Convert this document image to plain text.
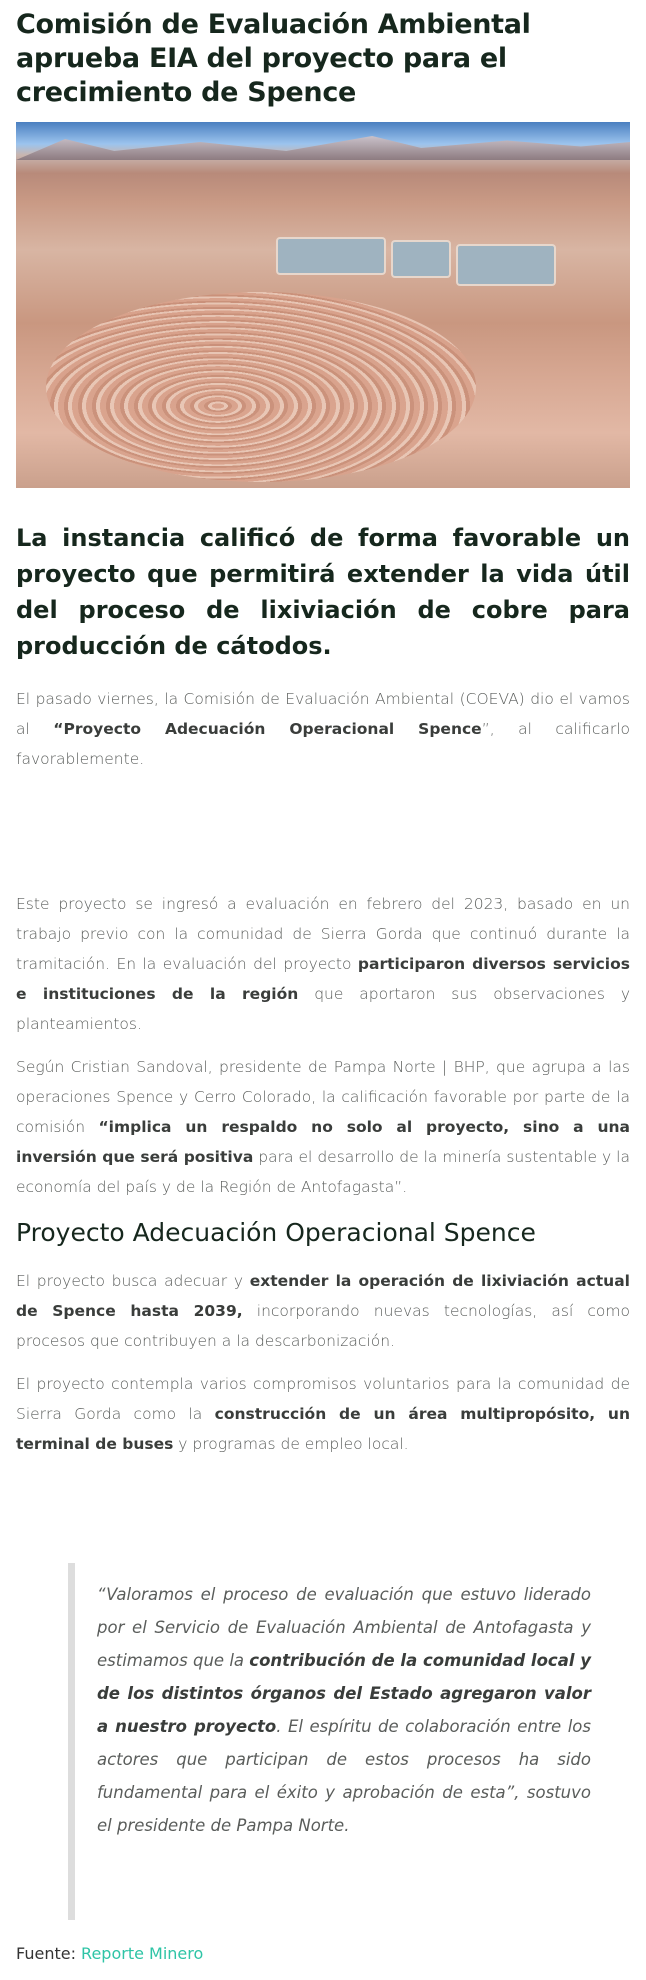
Comisión de Evaluación Ambiental aprueba EIA del proyecto para el crecimiento de Spence
La instancia calificó de forma favorable un proyecto que permitirá extender la vida útil del proceso de lixiviación de cobre para producción de cátodos.

El pasado viernes, la Comisión de Evaluación Ambiental (COEVA) dio el vamos al “Proyecto Adecuación Operacional Spence”, al calificarlo favorablemente.

Este proyecto se ingresó a evaluación en febrero del 2023, basado en un trabajo previo con la comunidad de Sierra Gorda que continuó durante la tramitación. En la evaluación del proyecto participaron diversos servicios e instituciones de la región que aportaron sus observaciones y planteamientos.

Según Cristian Sandoval, presidente de Pampa Norte | BHP, que agrupa a las operaciones Spence y Cerro Colorado, la calificación favorable por parte de la comisión “implica un respaldo no solo al proyecto, sino a una inversión que será positiva para el desarrollo de la minería sustentable y la economía del país y de la Región de Antofagasta”.

Proyecto Adecuación Operacional Spence

El proyecto busca adecuar y extender la operación de lixiviación actual de Spence hasta 2039, incorporando nuevas tecnologías, así como procesos que contribuyen a la descarbonización.

El proyecto contempla varios compromisos voluntarios para la comunidad de Sierra Gorda como la construcción de un área multipropósito, un terminal de buses y programas de empleo local.

“Valoramos el proceso de evaluación que estuvo liderado por el Servicio de Evaluación Ambiental de Antofagasta y estimamos que la contribución de la comunidad local y de los distintos órganos del Estado agregaron valor a nuestro proyecto. El espíritu de colaboración entre los actores que participan de estos procesos ha sido fundamental para el éxito y aprobación de esta”, sostuvo el presidente de Pampa Norte.
Fuente: Reporte Minero
